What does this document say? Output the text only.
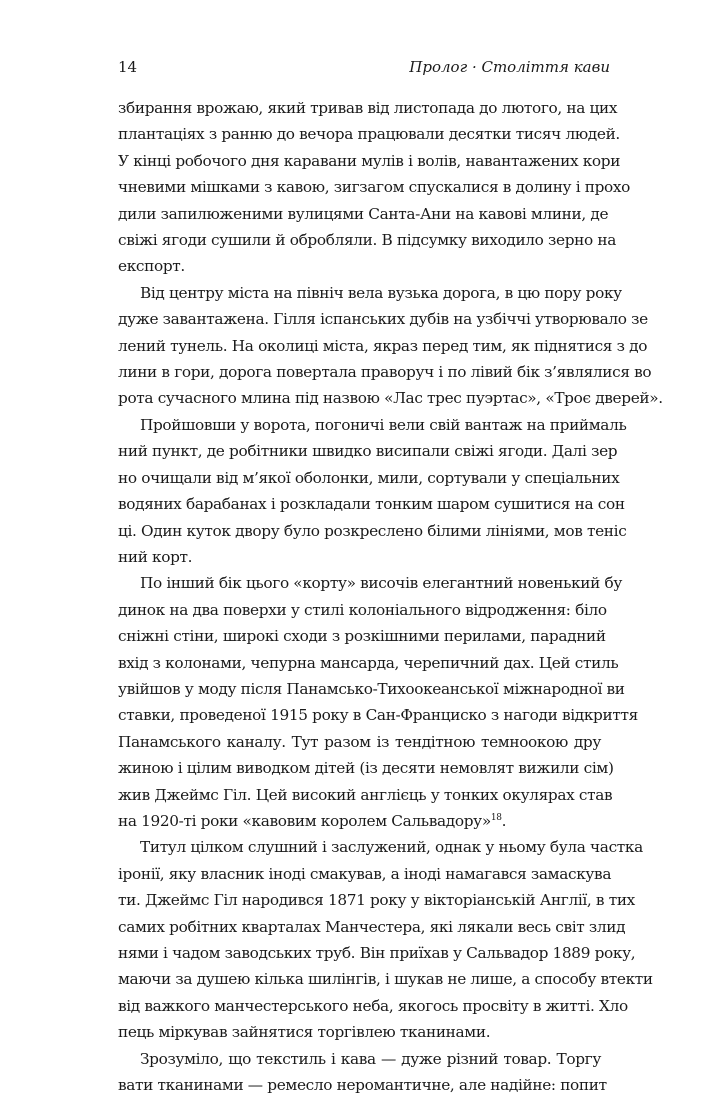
14	Пролог · Століття кави

збирання врожаю, який тривав від листопада до лютого, на цих
плантаціях з ранню до вечора працювали десятки тисяч людей.
У кінці робочого дня каравани мулів і волів, навантажених кори
чневими мішками з кавою, зигзагом спускалися в долину і прохо
дили запилюженими вулицями Санта-Ани на кавові млини, де
свіжі ягоди сушили й обробляли. В підсумку виходило зерно на
експорт.

Від центру міста на північ вела вузька дорога, в цю пору року
дуже завантажена. Гілля іспанських дубів на узбіччі утворювало зе
лений тунель. На околиці міста, якраз перед тим, як піднятися з до
лини в гори, дорога повертала праворуч і по лівий бік з’являлися во
рота сучасного млина під назвою «Лас трес пуэртас», «Троє дверей».

Пройшовши у ворота, погоничі вели свій вантаж на приймаль
ний пункт, де робітники швидко висипали свіжі ягоди. Далі зер
но очищали від м’якої оболонки, мили, сортували у спеціальних
водяних барабанах і розкладали тонким шаром сушитися на сон
ці. Один куток двору було розкреслено білими лініями, мов теніс
ний корт.

По інший бік цього «корту» височів елегантний новенький бу
динок на два поверхи у стилі колоніального відродження: біло
сніжні стіни, широкі сходи з розкішними перилами, парадний
вхід з колонами, чепурна мансарда, черепичний дах. Цей стиль
увійшов у моду після Панамсько-Тихоокеанської міжнародної ви
ставки, проведеної 1915 року в Сан-Франциско з нагоди відкриття
Панамського каналу. Тут разом із тендітною темноокою дру
жиною і цілим виводком дітей (із десяти немовлят вижили сім)
жив Джеймс Гіл. Цей високий англієць у тонких окулярах став
на 1920-ті роки «кавовим королем Сальвадору»$^{18}$.

Титул цілком слушний і заслужений, однак у ньому була частка
іронії, яку власник іноді смакував, а іноді намагався замаскува
ти. Джеймс Гіл народився 1871 року у вікторіанській Англії, в тих
самих робітних кварталах Манчестера, які лякали весь світ злид
нями і чадом заводських труб. Він приїхав у Сальвадор 1889 року,
маючи за душею кілька шилінгів, і шукав не лише, а способу втекти
від важкого манчестерського неба, якогось просвіту в житті. Хло
пець міркував зайнятися торгівлею тканинами.

Зрозуміло, що текстиль і кава — дуже різний товар. Торгу
вати тканинами — ремесло неромантичне, але надійне: попит
